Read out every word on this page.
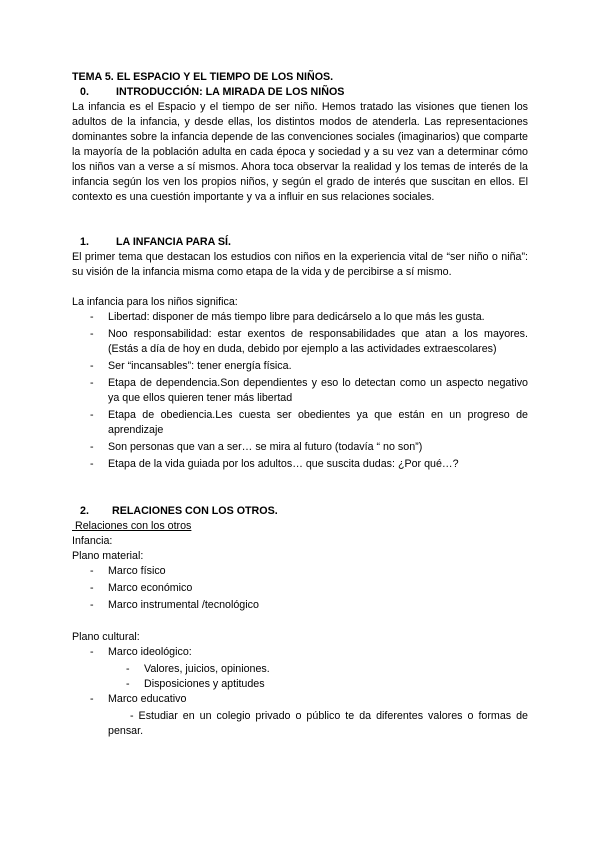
TEMA 5. EL ESPACIO Y EL TIEMPO DE LOS NIÑOS.
0.	INTRODUCCIÓN: LA MIRADA DE LOS NIÑOS

La infancia es el Espacio y el tiempo de ser niño. Hemos tratado las visiones que tienen los adultos de la infancia, y desde ellas, los distintos modos de atenderla. Las representaciones dominantes sobre la infancia depende de las convenciones sociales (imaginarios) que comparte la mayoría de la población adulta en cada época y sociedad y a su vez van a determinar cómo los niños van a verse a sí mismos. Ahora toca observar la realidad y los temas de interés de la infancia según los ven los propios niños, y según el grado de interés que suscitan en ellos. El contexto es una cuestión importante y va a influir en sus relaciones sociales.

1.	LA INFANCIA PARA SÍ.

El primer tema que destacan los estudios con niños en la experiencia vital de “ser niño o niña”: su visión de la infancia misma como etapa de la vida y de percibirse a sí mismo.

La infancia para los niños significa:
-	Libertad: disponer de más tiempo libre para dedicárselo a lo que más les gusta.
-	Noo responsabilidad: estar exentos de responsabilidades que atan a los mayores. (Estás a día de hoy en duda, debido por ejemplo a las actividades extraescolares)
-	Ser “incansables”: tener energía física.
-	Etapa de dependencia.Son dependientes y eso lo detectan como un aspecto negativo ya que ellos quieren tener más libertad
-	Etapa de obediencia.Les cuesta ser obedientes ya que están en un progreso de aprendizaje
-	Son personas que van a ser… se mira al futuro (todavía “ no son”)
-	Etapa de la vida guiada por los adultos… que suscita dudas: ¿Por qué…?
2.	RELACIONES CON LOS OTROS.
Relaciones con los otros
Infancia:
Plano material:
-	Marco físico
-	Marco económico
-	Marco instrumental /tecnológico
Plano cultural:
-	Marco ideológico:
-	Valores, juicios, opiniones.
-	Disposiciones y aptitudes
-	Marco educativo
- Estudiar en un colegio privado o público te da diferentes valores o formas de pensar.
